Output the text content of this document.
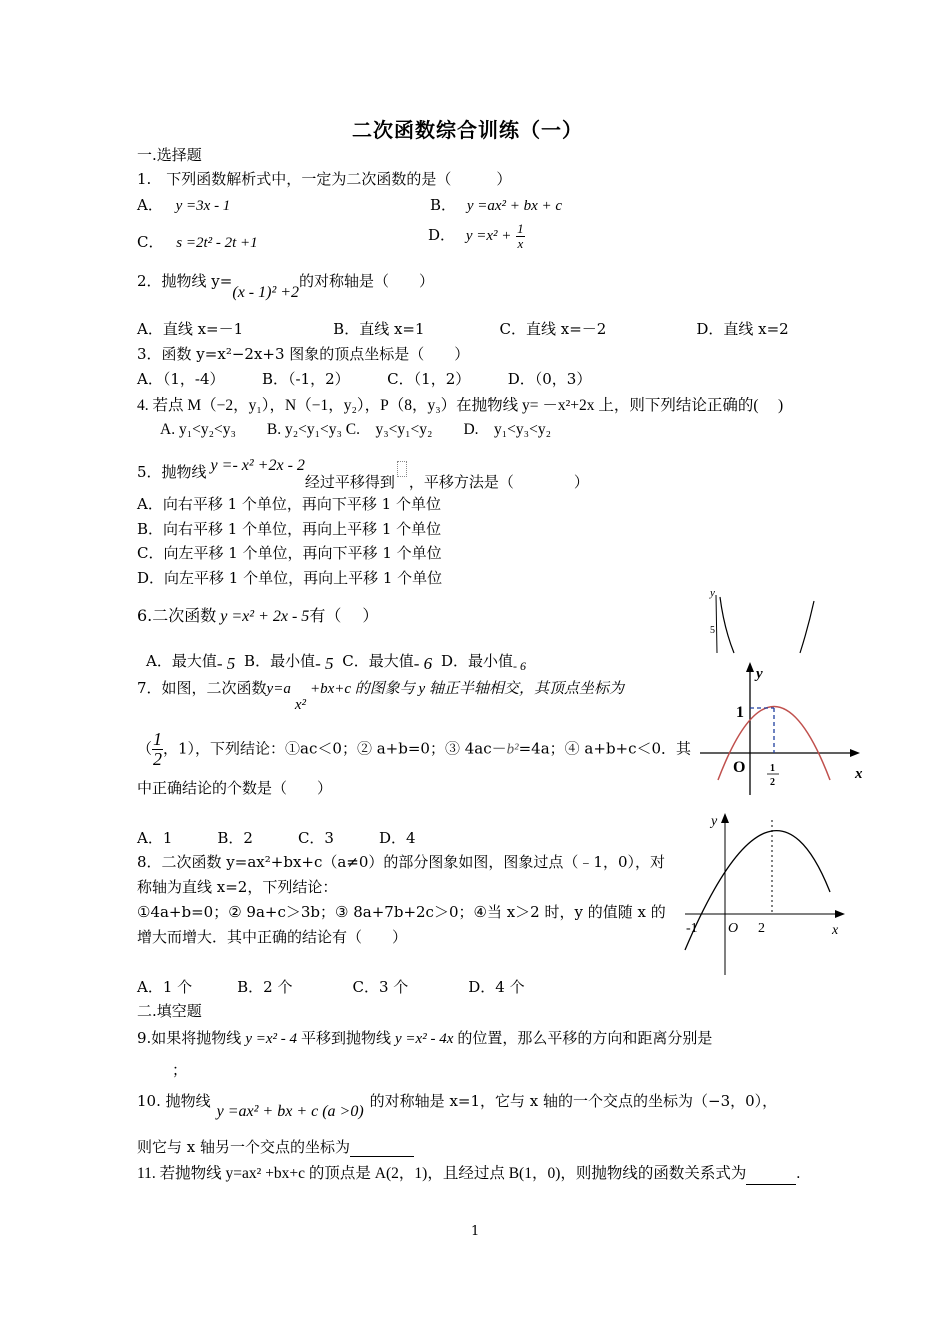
二次函数综合训练（一）
一.选择题
1.　下列函数解析式中，一定为二次函数的是（　　　）
A． y =3x - 1	B． y =ax² + bx + c
C． s =2t² - 2t +1	D． $y =x^2 + \frac{1}{x}$
2．抛物线 y=(x - 1)² +2的对称轴是（　　）
A．直线 x=－1　　　　　　B．直线 x=1　　　　　C．直线 x=－2　　　　　　D．直线 x=2
3．函数 y=x²−2x+3 图象的顶点坐标是（　　）
A．（1，-4）　　　B．（-1，2）　　　C．（1，2）　　　D．（0，3）
4. 若点 M（−2，y₁），N（−1，y₂），P（8，y₃）在抛物线 y= －x²+2x 上，则下列结论正确的(　 )
A. y₁<y₂<y₃　　B. y₂<y₁<y₃ C.　y₃<y₁<y₂　　D.　y₁<y₃<y₂
5．抛物线 y =- x² +2x - 2经过平移得到 ，平移方法是（　　　　）
A．向右平移 1 个单位，再向下平移 1 个单位
B．向右平移 1 个单位，再向上平移 1 个单位
C．向左平移 1 个单位，再向下平移 1 个单位
D．向左平移 1 个单位，再向上平移 1 个单位
6.二次函数 y =x² + 2x - 5有（　 ）
A．最大值- 5 B．最小值- 5 C．最大值- 6 D．最小值$_{- 6}$
7．如图，二次函数y=ax²+bx+c 的图象与 y 轴正半轴相交，其顶点坐标为
（ $\frac{1}{2}$ ，1），下列结论：①ac＜0；② a+b=0；③ 4ac－b²=4a；④ a+b+c＜0．其
中正确结论的个数是（　　）
A．1　　　B．2　　　C．3　　　D．4
8．二次函数 y=ax²+bx+c（a≠0）的部分图象如图，图象过点（﹣1，0），对
称轴为直线 x=2，下列结论：
①4a+b=0；② 9a+c＞3b；③ 8a+7b+2c＞0；④当 x＞2 时，y 的值随 x 的
增大而增大．其中正确的结论有（　　）
A．1 个　　　B．2 个　　　　C．3 个　　　　D．4 个
二.填空题
9.如果将抛物线 y =x² - 4 平移到抛物线 y =x² - 4x 的位置，那么平移的方向和距离分别是
；
10. 抛物线y =ax² + bx + c (a >0)的对称轴是 x=1，它与 x 轴的一个交点的坐标为（−3，0），
则它与 x 轴另一个交点的坐标为
11. 若抛物线 y=ax² +bx+c 的顶点是 A(2，1)，且经过点 B(1，0)，则抛物线的函数关系式为	.
1
y
5
y
x
O
1
1
2
y
x
O
-1	2
